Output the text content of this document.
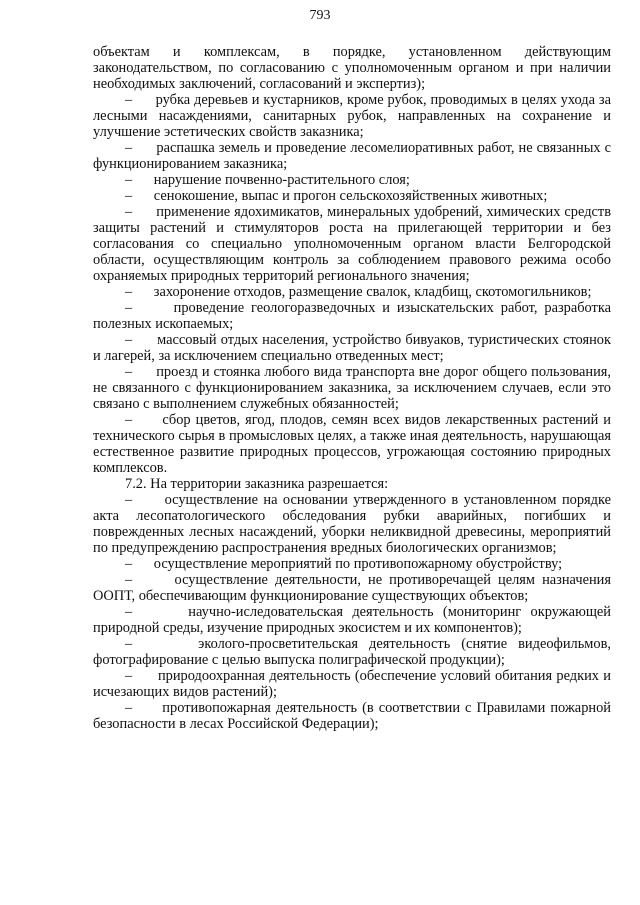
793

объектам и комплексам, в порядке, установленном действующим законодательством, по согласованию с уполномоченным органом и при наличии необходимых заключений, согласований и экспертиз);

– рубка деревьев и кустарников, кроме рубок, проводимых в целях ухода за лесными насаждениями, санитарных рубок, направленных на сохранение и улучшение эстетических свойств заказника;

– распашка земель и проведение лесомелиоративных работ, не связанных с функционированием заказника;

– нарушение почвенно-растительного слоя;

– сенокошение, выпас и прогон сельскохозяйственных животных;

– применение ядохимикатов, минеральных удобрений, химических средств защиты растений и стимуляторов роста на прилегающей территории и без согласования со специально уполномоченным органом власти Белгородской области, осуществляющим контроль за соблюдением правового режима особо охраняемых природных территорий регионального значения;

– захоронение отходов, размещение свалок, кладбищ, скотомогильников;

–	проведение геологоразведочных и изыскательских работ, разработка полезных ископаемых;

– массовый отдых населения, устройство бивуаков, туристических стоянок и лагерей, за исключением специально отведенных мест;

– проезд и стоянка любого вида транспорта вне дорог общего пользования, не связанного с функционированием заказника, за исключением случаев, если это связано с выполнением служебных обязанностей;

– сбор цветов, ягод, плодов, семян всех видов лекарственных растений и технического сырья в промысловых целях, а также иная деятельность, нарушающая естественное развитие природных процессов, угрожающая состоянию природных комплексов.

7.2. На территории заказника разрешается:

– осуществление на основании утвержденного в установленном порядке акта лесопатологического обследования рубки аварийных, погибших и поврежденных лесных насаждений, уборки неликвидной древесины, мероприятий по предупреждению распространения вредных биологических организмов;

– осуществление мероприятий по противопожарному обустройству;

–	осуществление деятельности, не противоречащей целям назначения ООПТ, обеспечивающим функционирование существующих объектов;

–	научно-иследовательская деятельность (мониторинг окружающей природной среды, изучение природных экосистем и их компонентов);

–	эколого-просветительская деятельность (снятие видеофильмов, фотографирование с целью выпуска полиграфической продукции);

– природоохранная деятельность (обеспечение условий обитания редких и исчезающих видов растений);

– противопожарная деятельность (в соответствии с Правилами пожарной безопасности в лесах Российской Федерации);
